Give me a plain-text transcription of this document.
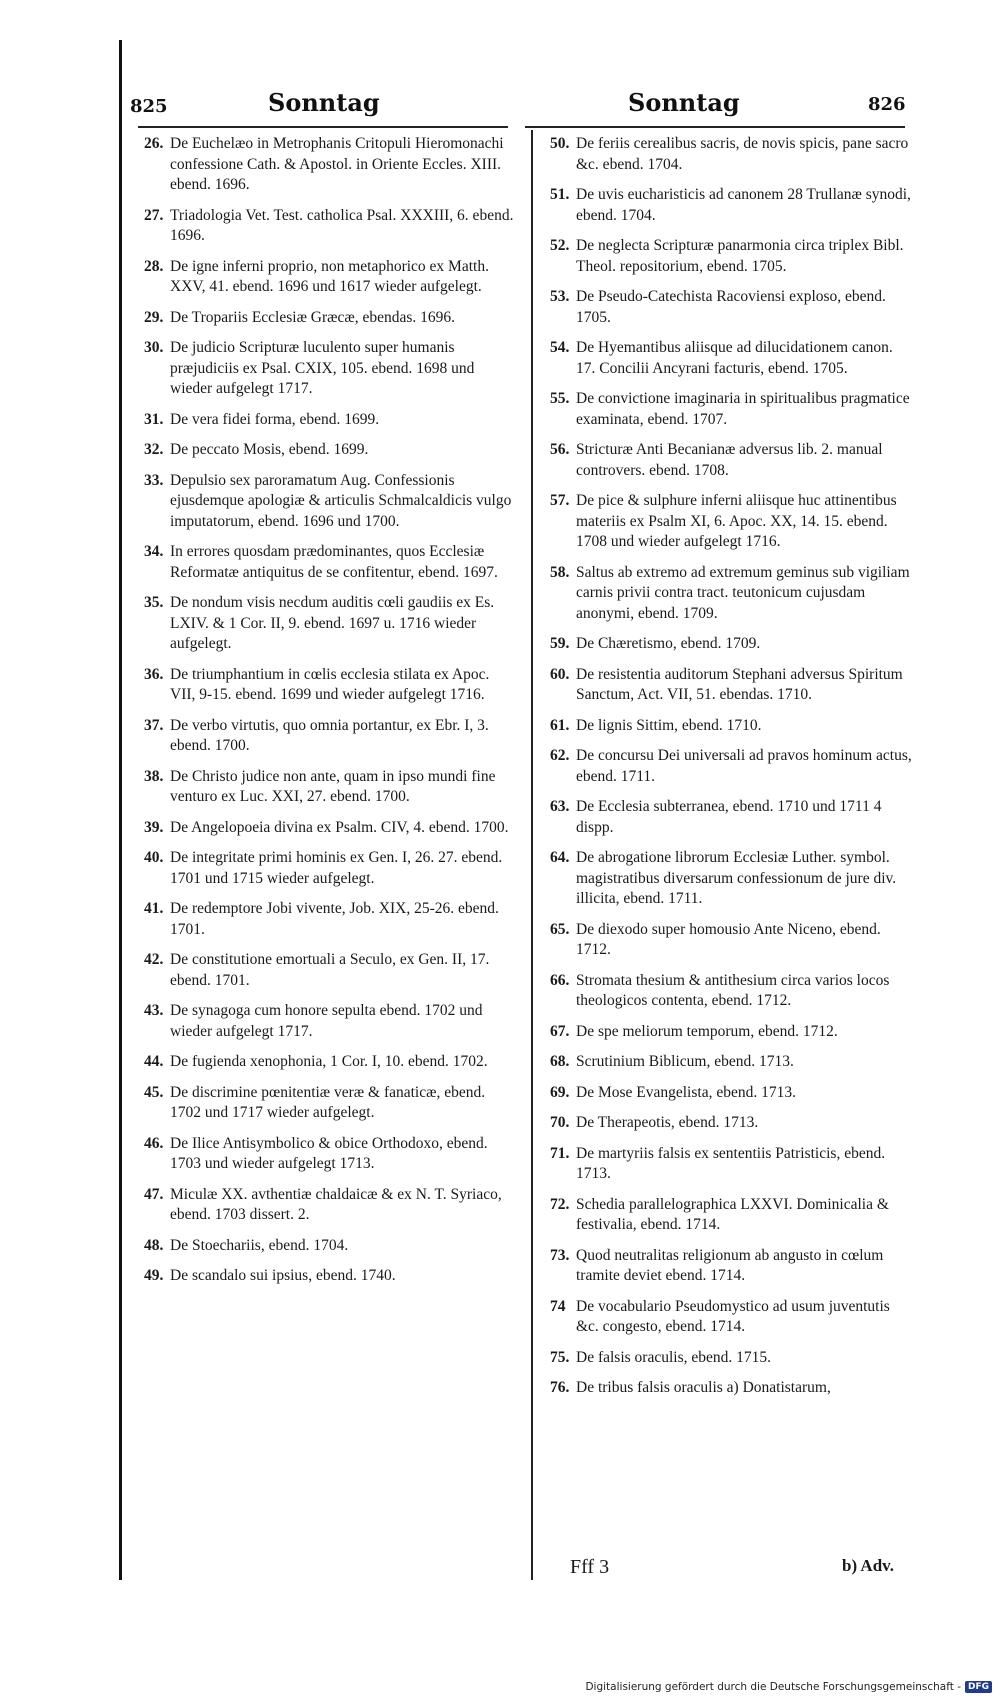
825	Sonntag	Sonntag	826
26. De Euchelæo in Metrophanis Critopuli Hieromonachi confessione Cath. & Apostol. in Oriente Eccles. XIII. ebend. 1696.
27. Triadologia Vet. Test. catholica Psal. XXXIII, 6. ebend. 1696.
28. De igne inferni proprio, non metaphorico ex Matth. XXV, 41. ebend. 1696 und 1617 wieder aufgelegt.
29. De Tropariis Ecclesiæ Græcæ, ebendas. 1696.
30. De judicio Scripturæ luculento super humanis præjudiciis ex Psal. CXIX, 105. ebend. 1698 und wieder aufgelegt 1717.
31. De vera fidei forma, ebend. 1699.
32. De peccato Mosis, ebend. 1699.
33. Depulsio sex paroramatum Aug. Confessionis ejusdemque apologiæ & articulis Schmalcaldicis vulgo imputatorum, ebend. 1696 und 1700.
34. In errores quosdam prædominantes, quos Ecclesiæ Reformatæ antiquitus de se confitentur, ebend. 1697.
35. De nondum visis necdum auditis cœli gaudiis ex Es. LXIV. & 1 Cor. II, 9. ebend. 1697 u. 1716 wieder aufgelegt.
36. De triumphantium in cœlis ecclesia stilata ex Apoc. VII, 9-15. ebend. 1699 und wieder aufgelegt 1716.
37. De verbo virtutis, quo omnia portantur, ex Ebr. I, 3. ebend. 1700.
38. De Christo judice non ante, quam in ipso mundi fine venturo ex Luc. XXI, 27. ebend. 1700.
39. De Angelopoeia divina ex Psalm. CIV, 4. ebend. 1700.
40. De integritate primi hominis ex Gen. I, 26. 27. ebend. 1701 und 1715 wieder aufgelegt.
41. De redemptore Jobi vivente, Job. XIX, 25-26. ebend. 1701.
42. De constitutione emortuali a Seculo, ex Gen. II, 17. ebend. 1701.
43. De synagoga cum honore sepulta ebend. 1702 und wieder aufgelegt 1717.
44. De fugienda xenophonia, 1 Cor. I, 10. ebend. 1702.
45. De discrimine pœnitentiæ veræ & fanaticæ, ebend. 1702 und 1717 wieder aufgelegt.
46. De Ilice Antisymbolico & obice Orthodoxo, ebend. 1703 und wieder aufgelegt 1713.
47. Miculæ XX. avthentiæ chaldaicæ & ex N. T. Syriaco, ebend. 1703 dissert. 2.
48. De Stoechariis, ebend. 1704.
49. De scandalo sui ipsius, ebend. 1740.
50. De feriis cerealibus sacris, de novis spicis, pane sacro &c. ebend. 1704.
51. De uvis eucharisticis ad canonem 28 Trullanæ synodi, ebend. 1704.
52. De neglecta Scripturæ panarmonia circa triplex Bibl. Theol. repositorium, ebend. 1705.
53. De Pseudo-Catechista Racoviensi exploso, ebend. 1705.
54. De Hyemantibus aliisque ad dilucidationem canon. 17. Concilii Ancyrani facturis, ebend. 1705.
55. De convictione imaginaria in spiritualibus pragmatice examinata, ebend. 1707.
56. Stricturæ Anti Becanianæ adversus lib. 2. manual controvers. ebend. 1708.
57. De pice & sulphure inferni aliisque huc attinentibus materiis ex Psalm XI, 6. Apoc. XX, 14. 15. ebend. 1708 und wieder aufgelegt 1716.
58. Saltus ab extremo ad extremum geminus sub vigiliam carnis privii contra tract. teutonicum cujusdam anonymi, ebend. 1709.
59. De Chæretismo, ebend. 1709.
60. De resistentia auditorum Stephani adversus Spiritum Sanctum, Act. VII, 51. ebendas. 1710.
61. De lignis Sittim, ebend. 1710.
62. De concursu Dei universali ad pravos hominum actus, ebend. 1711.
63. De Ecclesia subterranea, ebend. 1710 und 1711 4 dispp.
64. De abrogatione librorum Ecclesiæ Luther. symbol. magistratibus diversarum confessionum de jure div. illicita, ebend. 1711.
65. De diexodo super homousio Ante Niceno, ebend. 1712.
66. Stromata thesium & antithesium circa varios locos theologicos contenta, ebend. 1712.
67. De spe meliorum temporum, ebend. 1712.
68. Scrutinium Biblicum, ebend. 1713.
69. De Mose Evangelista, ebend. 1713.
70. De Therapeotis, ebend. 1713.
71. De martyriis falsis ex sententiis Patristicis, ebend. 1713.
72. Schedia parallelographica LXXVI. Dominicalia & festivalia, ebend. 1714.
73. Quod neutralitas religionum ab angusto in cœlum tramite deviet ebend. 1714.
74 De vocabulario Pseudomystico ad usum juventutis &c. congesto, ebend. 1714.
75. De falsis oraculis, ebend. 1715.
76. De tribus falsis oraculis a) Donatistarum,
Fff 3	b) Adv.
Digitalisierung gefördert durch die Deutsche Forschungsgemeinschaft - DFG
